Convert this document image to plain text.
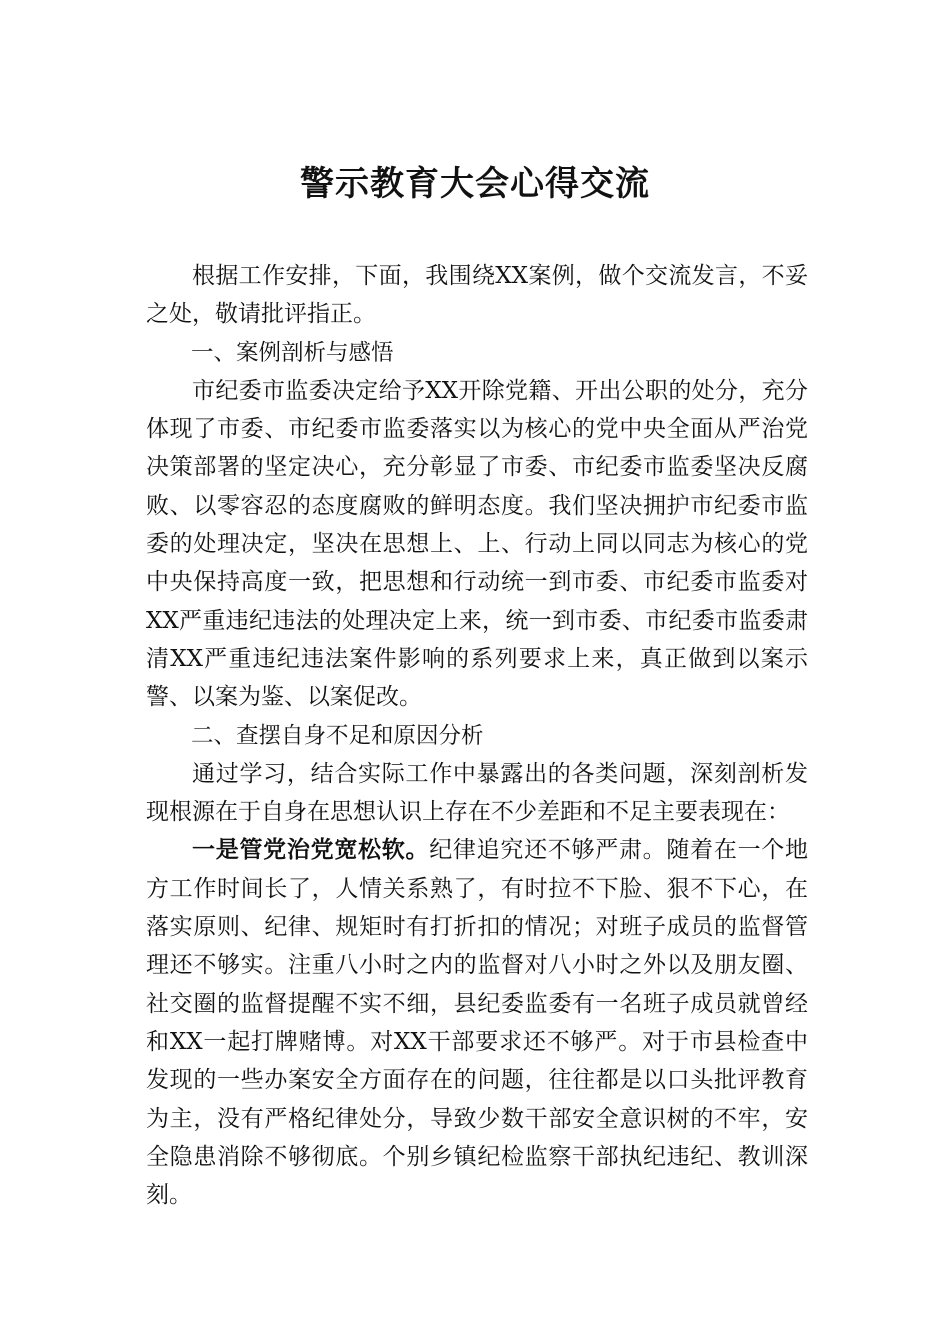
警示教育大会心得交流

根据工作安排，下面，我围绕XX案例，做个交流发言，不妥之处，敬请批评指正。

一、案例剖析与感悟

市纪委市监委决定给予XX开除党籍、开出公职的处分，充分体现了市委、市纪委市监委落实以为核心的党中央全面从严治党决策部署的坚定决心，充分彰显了市委、市纪委市监委坚决反腐败、以零容忍的态度腐败的鲜明态度。我们坚决拥护市纪委市监委的处理决定，坚决在思想上、上、行动上同以同志为核心的党中央保持高度一致，把思想和行动统一到市委、市纪委市监委对XX严重违纪违法的处理决定上来，统一到市委、市纪委市监委肃清XX严重违纪违法案件影响的系列要求上来，真正做到以案示警、以案为鉴、以案促改。

二、查摆自身不足和原因分析

通过学习，结合实际工作中暴露出的各类问题，深刻剖析发现根源在于自身在思想认识上存在不少差距和不足主要表现在：

一是管党治党宽松软。纪律追究还不够严肃。随着在一个地方工作时间长了，人情关系熟了，有时拉不下脸、狠不下心，在落实原则、纪律、规矩时有打折扣的情况；对班子成员的监督管理还不够实。注重八小时之内的监督对八小时之外以及朋友圈、社交圈的监督提醒不实不细，县纪委监委有一名班子成员就曾经和XX一起打牌赌博。对XX干部要求还不够严。对于市县检查中发现的一些办案安全方面存在的问题，往往都是以口头批评教育为主，没有严格纪律处分，导致少数干部安全意识树的不牢，安全隐患消除不够彻底。个别乡镇纪检监察干部执纪违纪、教训深刻。
